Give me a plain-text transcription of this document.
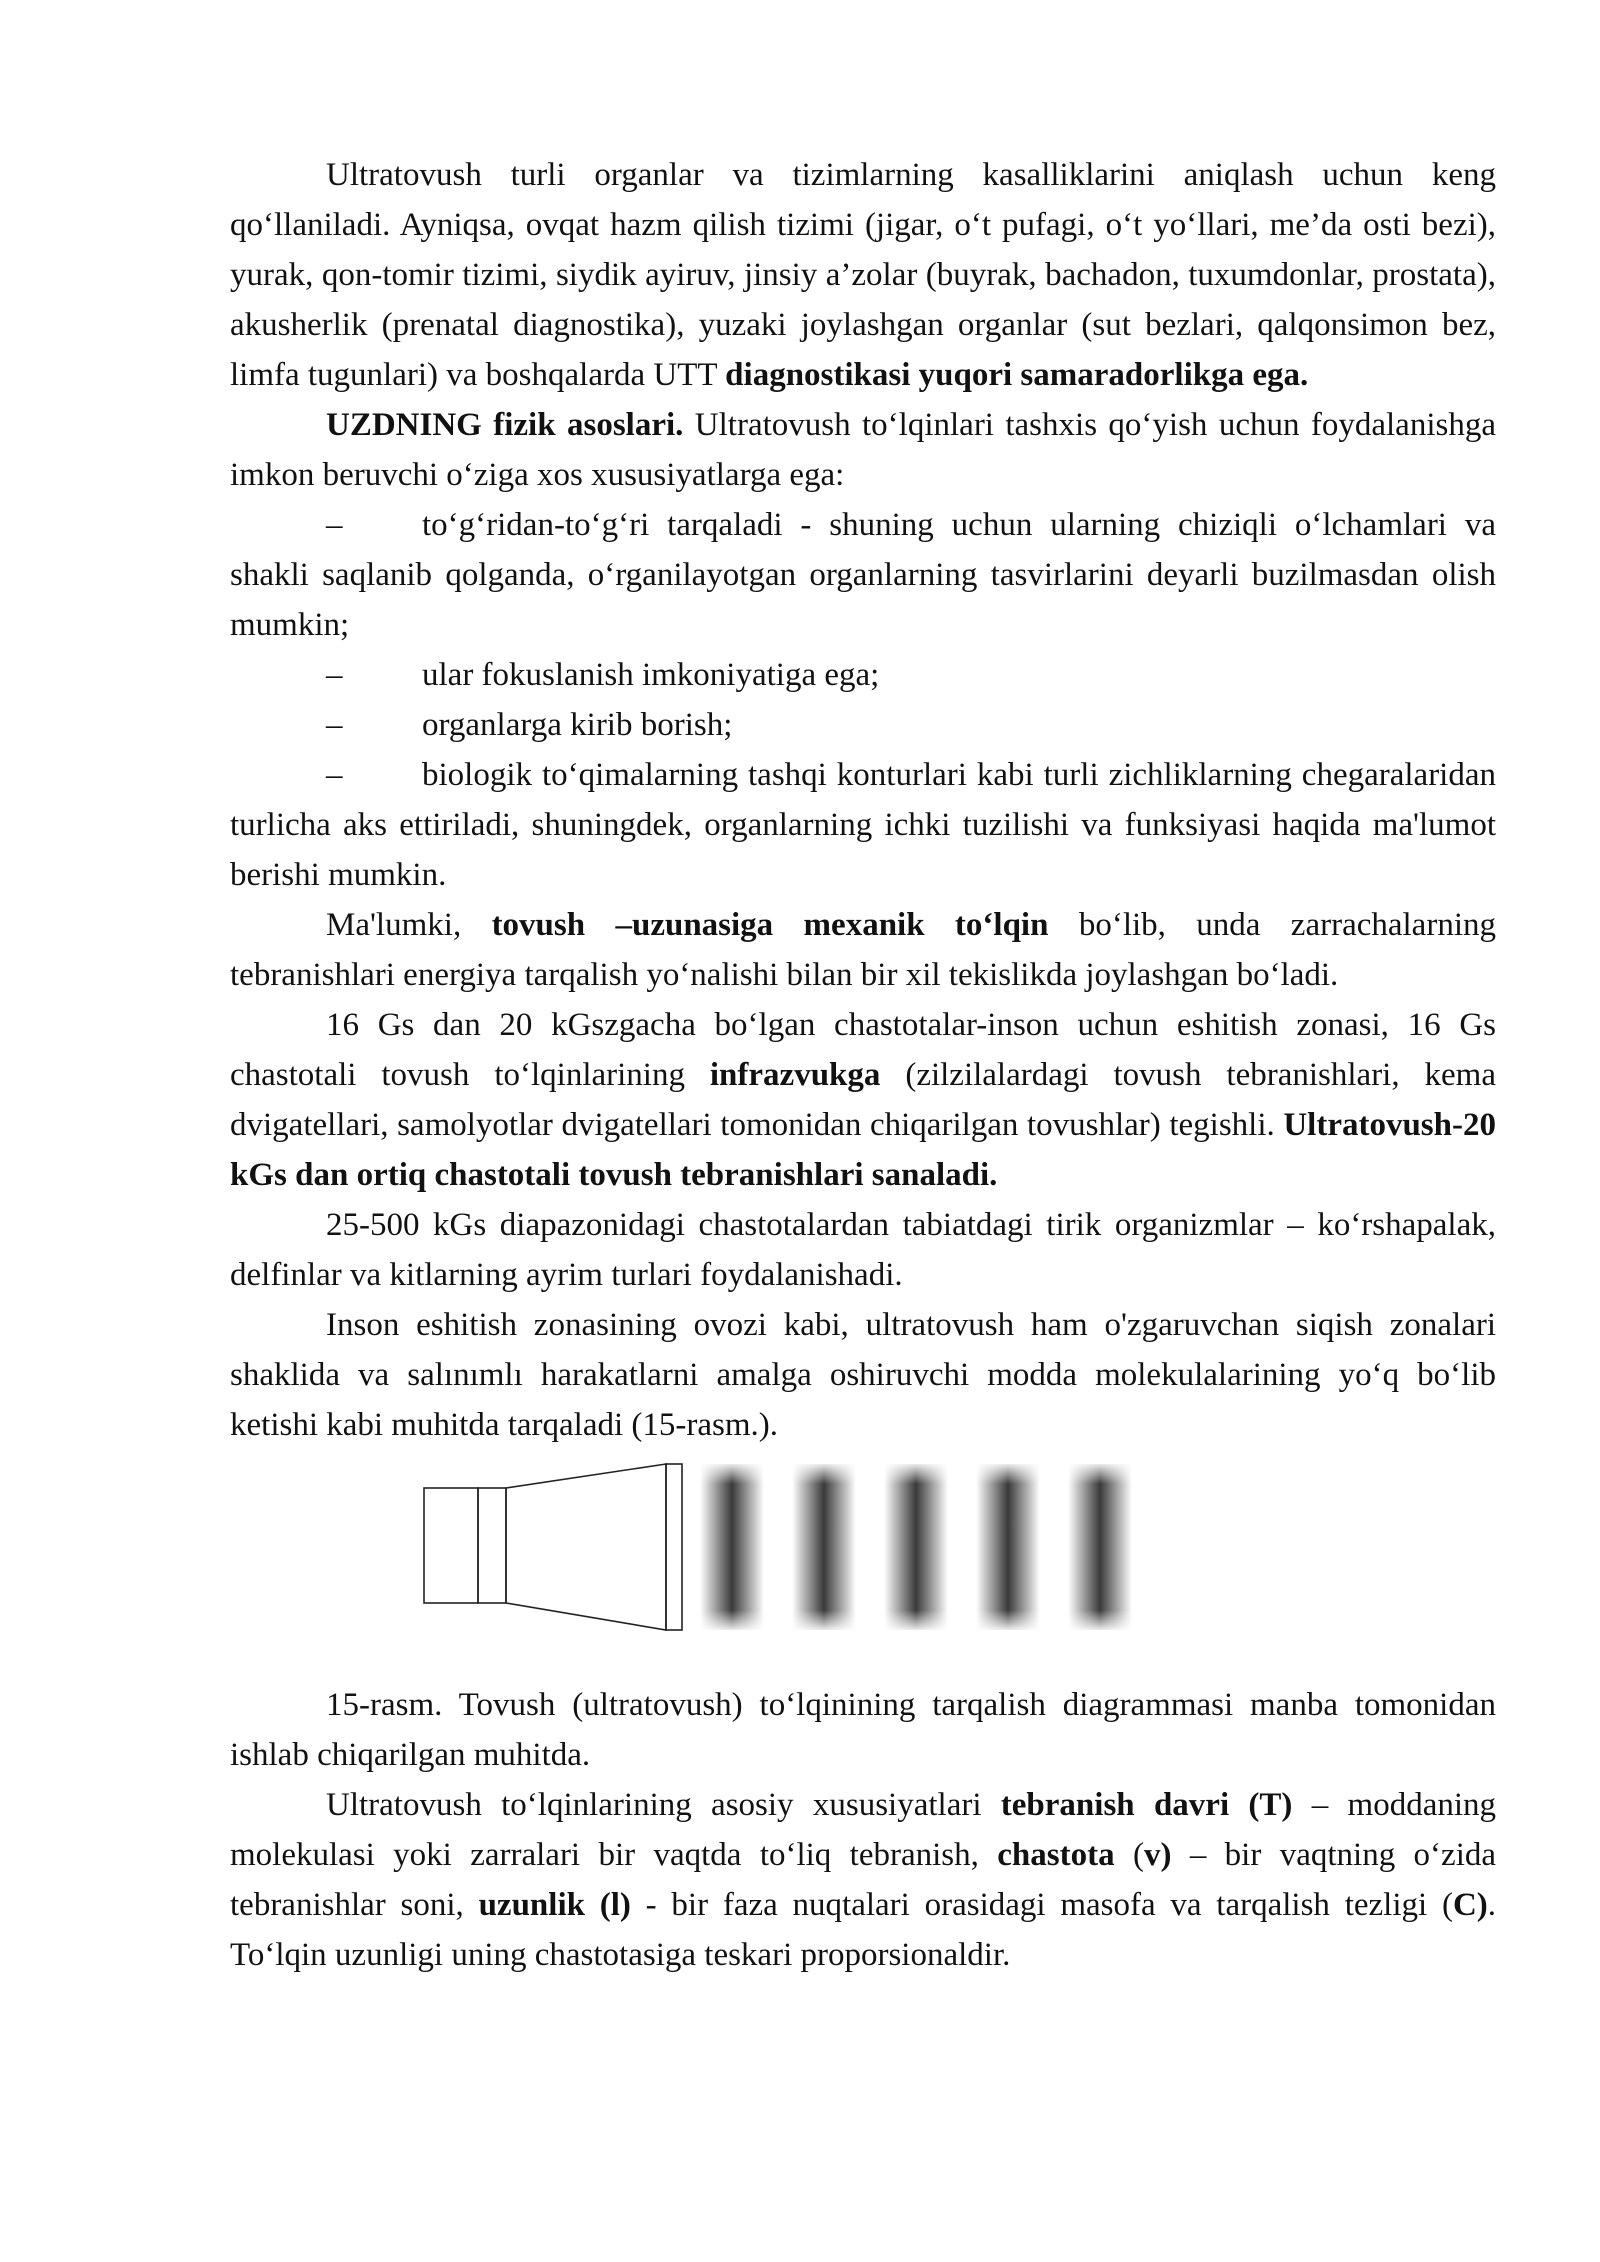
Ultratovush turli organlar va tizimlarning kasalliklarini aniqlash uchun keng qo‘llaniladi. Ayniqsa, ovqat hazm qilish tizimi (jigar, o‘t pufagi, o‘t yo‘llari, me’da osti bezi), yurak, qon-tomir tizimi, siydik ayiruv, jinsiy a’zolar (buyrak, bachadon, tuxumdonlar, prostata), akusherlik (prenatal diagnostika), yuzaki joylashgan organlar (sut bezlari, qalqonsimon bez, limfa tugunlari) va boshqalarda UTT diagnostikasi yuqori samaradorlikga ega.

UZDNING fizik asoslari. Ultratovush to‘lqinlari tashxis qo‘yish uchun foydalanishga imkon beruvchi o‘ziga xos xususiyatlarga ega:

– to‘g‘ridan-to‘g‘ri tarqaladi - shuning uchun ularning chiziqli o‘lchamlari va shakli saqlanib qolganda, o‘rganilayotgan organlarning tasvirlarini deyarli buzilmasdan olish mumkin;

– ular fokuslanish imkoniyatiga ega;

– organlarga kirib borish;

– biologik to‘qimalarning tashqi konturlari kabi turli zichliklarning chegaralaridan turlicha aks ettiriladi, shuningdek, organlarning ichki tuzilishi va funksiyasi haqida ma'lumot berishi mumkin.

Ma'lumki, tovush –uzunasiga mexanik to‘lqin bo‘lib, unda zarrachalarning tebranishlari energiya tarqalish yo‘nalishi bilan bir xil tekislikda joylashgan bo‘ladi.

16 Gs dan 20 kGszgacha bo‘lgan chastotalar-inson uchun eshitish zonasi, 16 Gs chastotali tovush to‘lqinlarining infrazvukga (zilzilalardagi tovush tebranishlari, kema dvigatellari, samolyotlar dvigatellari tomonidan chiqarilgan tovushlar) tegishli. Ultratovush-20 kGs dan ortiq chastotali tovush tebranishlari sanaladi.

25-500 kGs diapazonidagi chastotalardan tabiatdagi tirik organizmlar – ko‘rshapalak, delfinlar va kitlarning ayrim turlari foydalanishadi.

Inson eshitish zonasining ovozi kabi, ultratovush ham o'zgaruvchan siqish zonalari shaklida va salınımlı harakatlarni amalga oshiruvchi modda molekulalarining yo‘q bo‘lib ketishi kabi muhitda tarqaladi (15-rasm.).

15-rasm. Tovush (ultratovush) to‘lqinining tarqalish diagrammasi manba tomonidan ishlab chiqarilgan muhitda.

Ultratovush to‘lqinlarining asosiy xususiyatlari tebranish davri (T) – moddaning molekulasi yoki zarralari bir vaqtda to‘liq tebranish, chastota (v) – bir vaqtning o‘zida tebranishlar soni, uzunlik (l) - bir faza nuqtalari orasidagi masofa va tarqalish tezligi (C). To‘lqin uzunligi uning chastotasiga teskari proporsionaldir.
